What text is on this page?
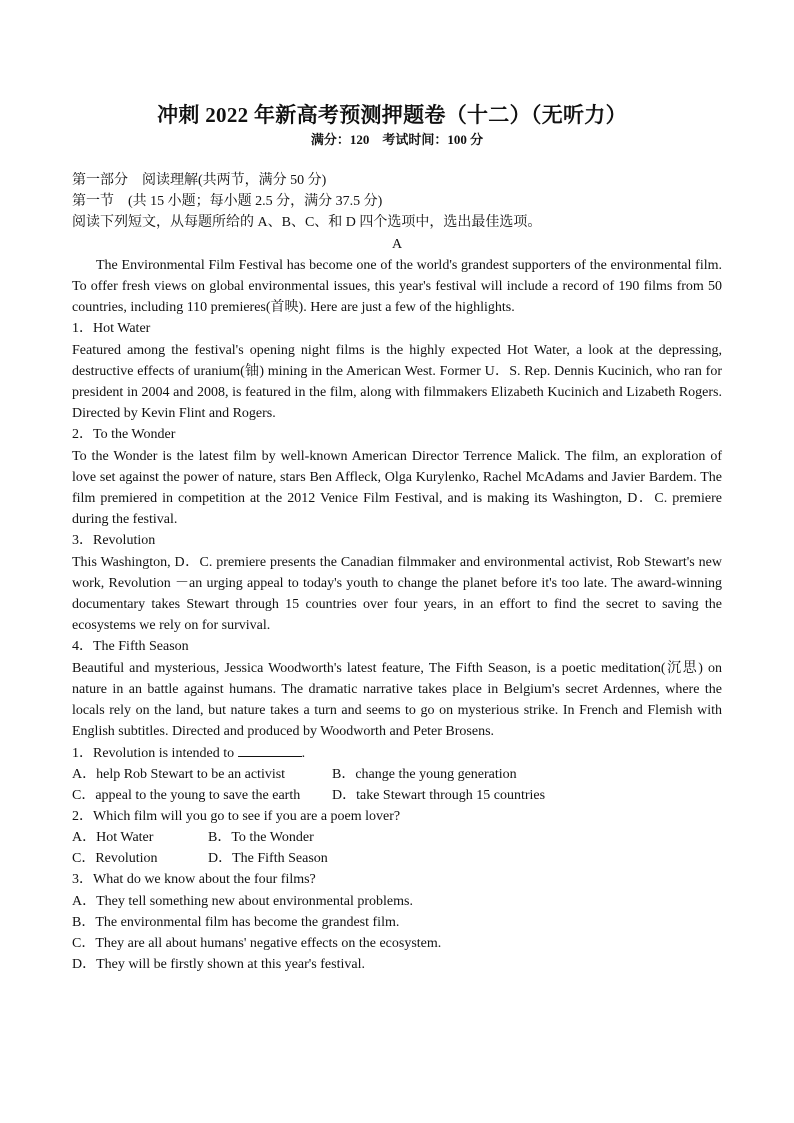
冲刺 2022 年新高考预测押题卷（十二）（无听力）
满分：120　考试时间：100 分
第一部分　阅读理解(共两节，满分 50 分)
第一节　(共 15 小题；每小题 2.5 分，满分 37.5 分)
阅读下列短文，从每题所给的 A、B、C、和 D 四个选项中，选出最佳选项。
A
The Environmental Film Festival has become one of the world's grandest supporters of the environmental film. To offer fresh views on global environmental issues, this year's festival will include a record of 190 films from 50 countries, including 110 premieres(首映). Here are just a few of the highlights.
1．Hot Water
Featured among the festival's opening night films is the highly expected Hot Water, a look at the depressing, destructive effects of uranium(铀) mining in the American West. Former U．S. Rep. Dennis Kucinich, who ran for president in 2004 and 2008, is featured in the film, along with filmmakers Elizabeth Kucinich and Lizabeth Rogers. Directed by Kevin Flint and Rogers.
2．To the Wonder
To the Wonder is the latest film by well-known American Director Terrence Malick. The film, an exploration of love set against the power of nature, stars Ben Affleck, Olga Kurylenko, Rachel McAdams and Javier Bardem. The film premiered in competition at the 2012 Venice Film Festival, and is making its Washington, D．C. premiere during the festival.
3．Revolution
This Washington, D．C. premiere presents the Canadian filmmaker and environmental activist, Rob Stewart's new work, Revolution －an urging appeal to today's youth to change the planet before it's too late. The award-winning documentary takes Stewart through 15 countries over four years, in an effort to find the secret to saving the ecosystems we rely on for survival.
4．The Fifth Season
Beautiful and mysterious, Jessica Woodworth's latest feature, The Fifth Season, is a poetic meditation(沉思) on nature in an battle against humans. The dramatic narrative takes place in Belgium's secret Ardennes, where the locals rely on the land, but nature takes a turn and seems to go on mysterious strike. In French and Flemish with English subtitles. Directed and produced by Woodworth and Peter Brosens.
1．Revolution is intended to	.
A．help Rob Stewart to be an activist	B．change the young generation
C．appeal to the young to save the earth D．take Stewart through 15 countries
2．Which film will you go to see if you are a poem lover?
A．Hot Water	B．To the Wonder
C．Revolution	D．The Fifth Season
3．What do we know about the four films?
A．They tell something new about environmental problems.
B．The environmental film has become the grandest film.
C．They are all about humans' negative effects on the ecosystem.
D．They will be firstly shown at this year's festival.
